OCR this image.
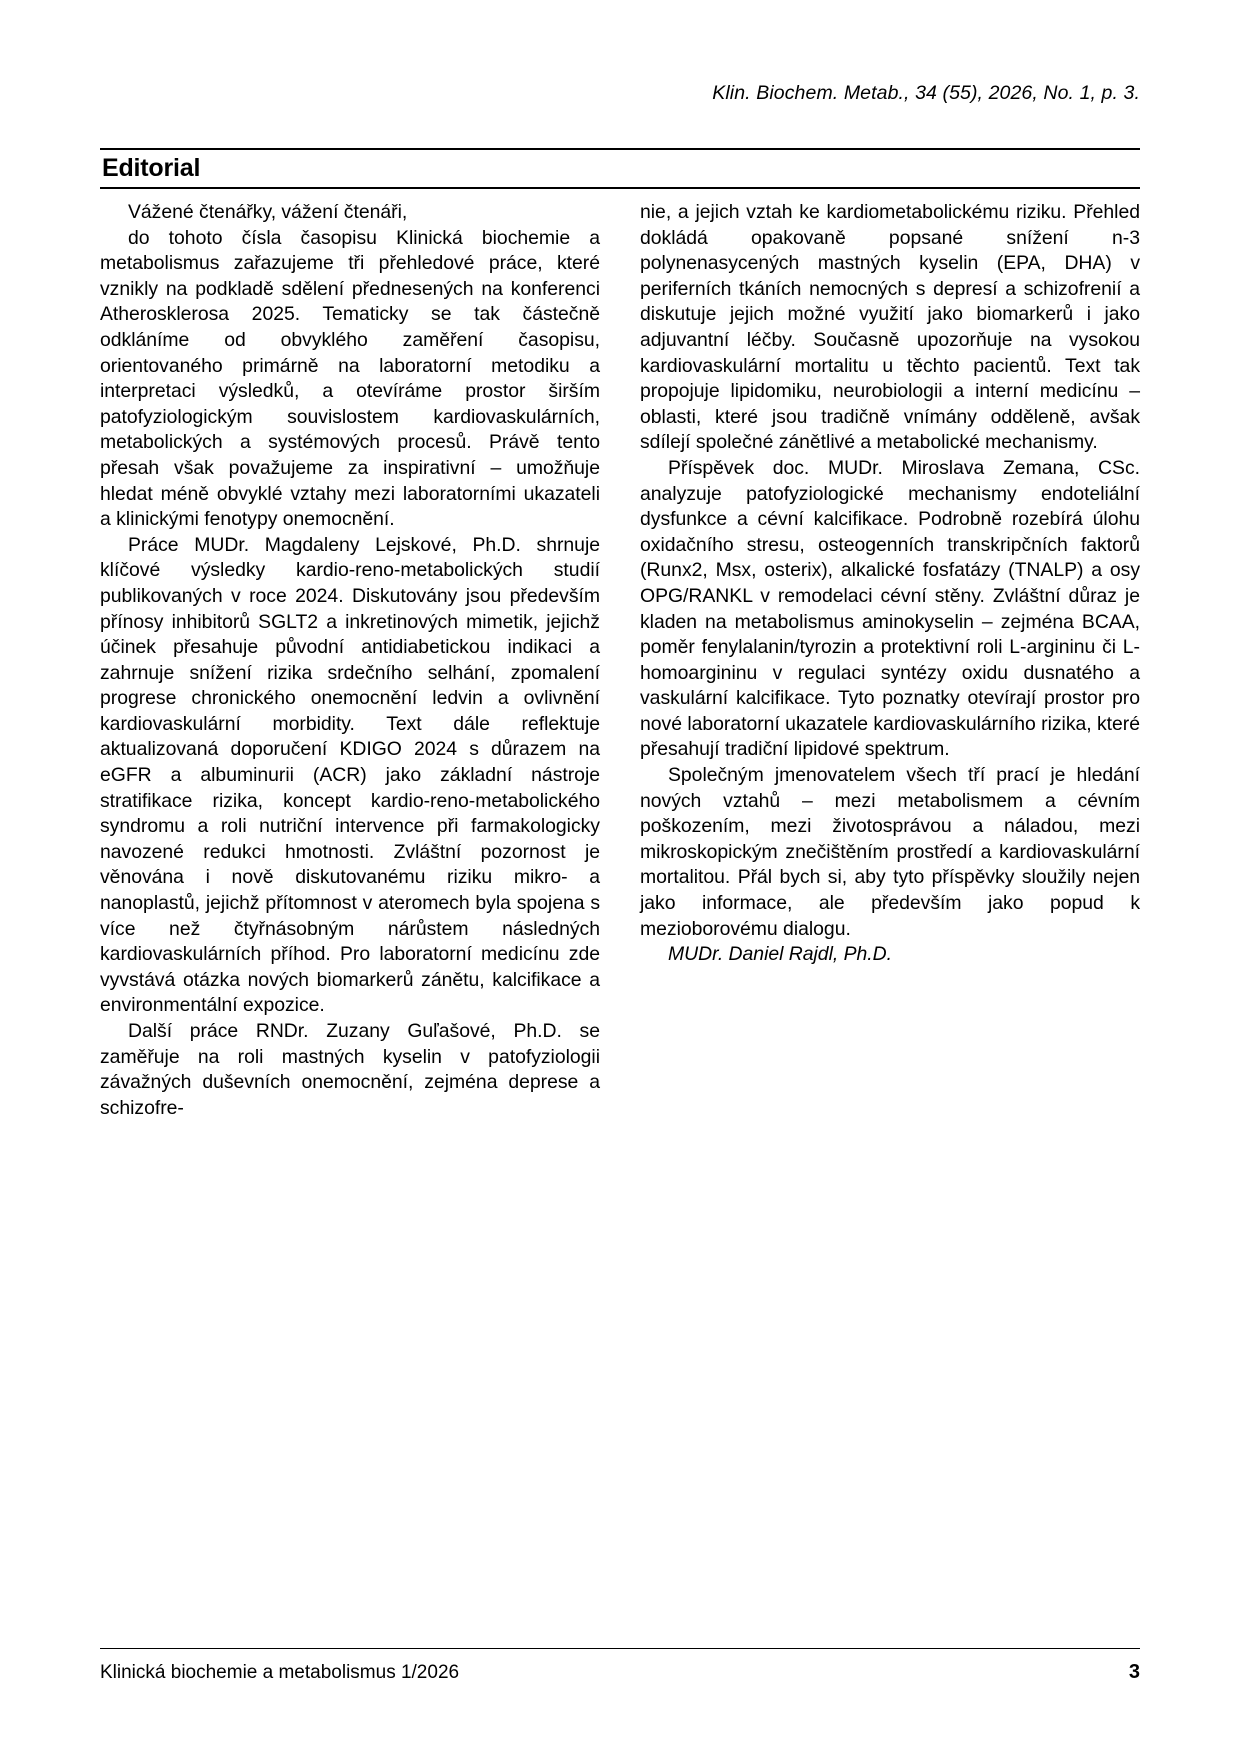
Klin. Biochem. Metab., 34 (55), 2026, No. 1, p. 3.
Editorial

Vážené čtenářky, vážení čtenáři,

do tohoto čísla časopisu Klinická biochemie a metabolismus zařazujeme tři přehledové práce, které vznikly na podkladě sdělení přednesených na konferenci Atherosklerosa 2025. Tematicky se tak částečně odkláníme od obvyklého zaměření časopisu, orientovaného primárně na laboratorní metodiku a interpretaci výsledků, a otevíráme prostor širším patofyziologickým souvislostem kardiovaskulárních, metabolických a systémových procesů. Právě tento přesah však považujeme za inspirativní – umožňuje hledat méně obvyklé vztahy mezi laboratorními ukazateli a klinickými fenotypy onemocnění.

Práce MUDr. Magdaleny Lejskové, Ph.D. shrnuje klíčové výsledky kardio-reno-metabolických studií publikovaných v roce 2024. Diskutovány jsou především přínosy inhibitorů SGLT2 a inkretinových mimetik, jejichž účinek přesahuje původní antidiabetickou indikaci a zahrnuje snížení rizika srdečního selhání, zpomalení progrese chronického onemocnění ledvin a ovlivnění kardiovaskulární morbidity. Text dále reflektuje aktualizovaná doporučení KDIGO 2024 s důrazem na eGFR a albuminurii (ACR) jako základní nástroje stratifikace rizika, koncept kardio-reno-metabolického syndromu a roli nutriční intervence při farmakologicky navozené redukci hmotnosti. Zvláštní pozornost je věnována i nově diskutovanému riziku mikro- a nanoplastů, jejichž přítomnost v ateromech byla spojena s více než čtyřnásobným nárůstem následných kardiovaskulárních příhod. Pro laboratorní medicínu zde vyvstává otázka nových biomarkerů zánětu, kalcifikace a environmentální expozice.

Další práce RNDr. Zuzany Guľašové, Ph.D. se zaměřuje na roli mastných kyselin v patofyziologii závažných duševních onemocnění, zejména deprese a schizofre-

nie, a jejich vztah ke kardiometabolickému riziku. Přehled dokládá opakovaně popsané snížení n-3 polynenasycených mastných kyselin (EPA, DHA) v periferních tkáních nemocných s depresí a schizofrenií a diskutuje jejich možné využití jako biomarkerů i jako adjuvantní léčby. Současně upozorňuje na vysokou kardiovaskulární mortalitu u těchto pacientů. Text tak propojuje lipidomiku, neurobiologii a interní medicínu – oblasti, které jsou tradičně vnímány odděleně, avšak sdílejí společné zánětlivé a metabolické mechanismy.

Příspěvek doc. MUDr. Miroslava Zemana, CSc. analyzuje patofyziologické mechanismy endoteliální dysfunkce a cévní kalcifikace. Podrobně rozebírá úlohu oxidačního stresu, osteogenních transkripčních faktorů (Runx2, Msx, osterix), alkalické fosfatázy (TNALP) a osy OPG/RANKL v remodelaci cévní stěny. Zvláštní důraz je kladen na metabolismus aminokyselin – zejména BCAA, poměr fenylalanin/tyrozin a protektivní roli L-argininu či L-homoargininu v regulaci syntézy oxidu dusnatého a vaskulární kalcifikace. Tyto poznatky otevírají prostor pro nové laboratorní ukazatele kardiovaskulárního rizika, které přesahují tradiční lipidové spektrum.

Společným jmenovatelem všech tří prací je hledání nových vztahů – mezi metabolismem a cévním poškozením, mezi životosprávou a náladou, mezi mikroskopickým znečištěním prostředí a kardiovaskulární mortalitou. Přál bych si, aby tyto příspěvky sloužily nejen jako informace, ale především jako popud k mezioborovému dialogu.

MUDr. Daniel Rajdl, Ph.D.

Klinická biochemie a metabolismus 1/2026	3
